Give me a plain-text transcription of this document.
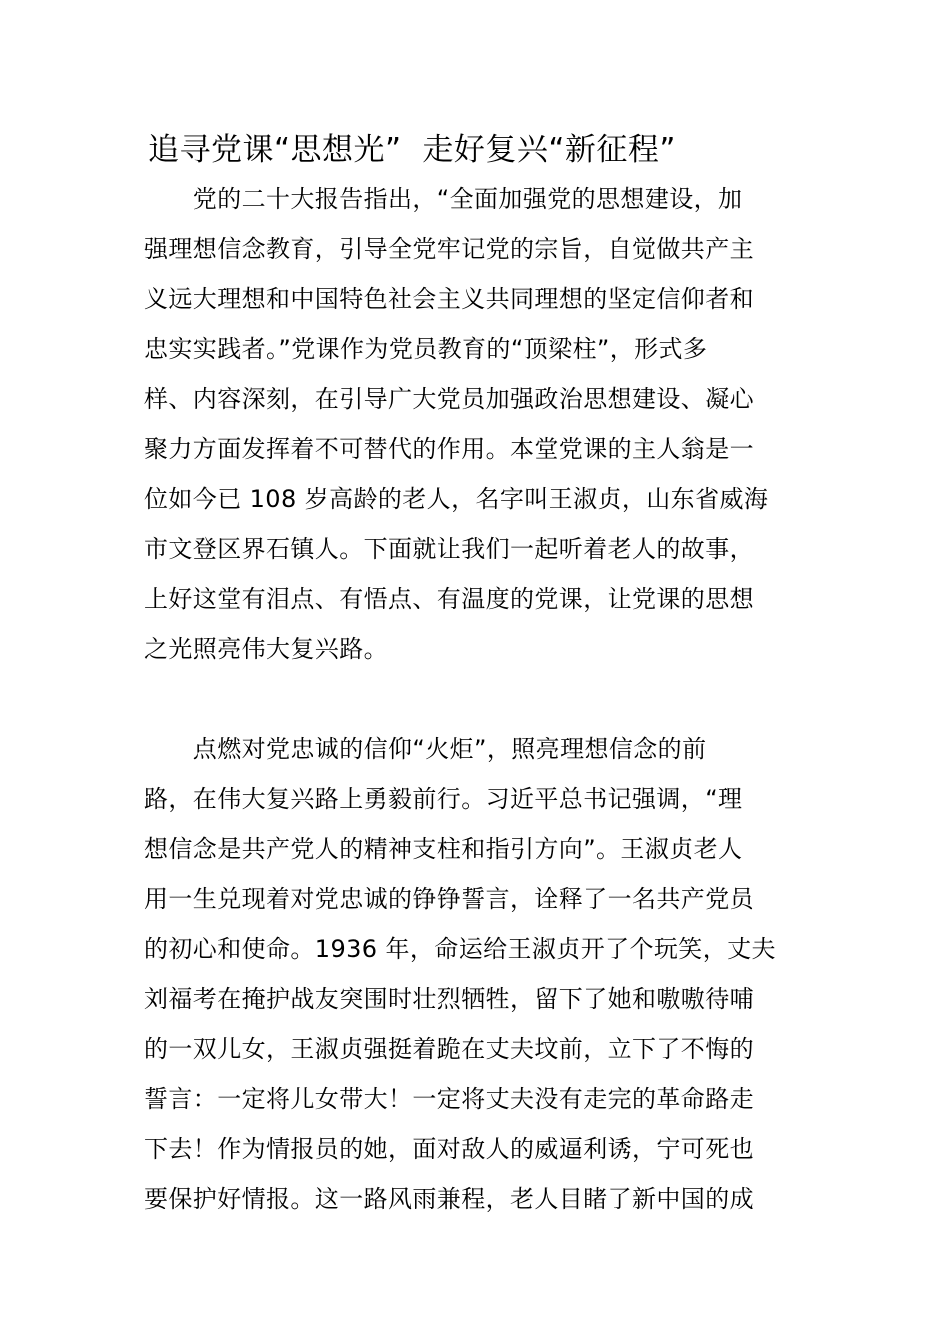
追寻党课“思想光”  走好复兴“新征程”
　　党的二十大报告指出，“全面加强党的思想建设，加
强理想信念教育，引导全党牢记党的宗旨，自觉做共产主
义远大理想和中国特色社会主义共同理想的坚定信仰者和
忠实实践者。”党课作为党员教育的“顶梁柱”，形式多
样、内容深刻，在引导广大党员加强政治思想建设、凝心
聚力方面发挥着不可替代的作用。本堂党课的主人翁是一
位如今已 108 岁高龄的老人，名字叫王淑贞，山东省威海
市文登区界石镇人。下面就让我们一起听着老人的故事，
上好这堂有泪点、有悟点、有温度的党课，让党课的思想
之光照亮伟大复兴路。
　　点燃对党忠诚的信仰“火炬”，照亮理想信念的前
路，在伟大复兴路上勇毅前行。习近平总书记强调，“理
想信念是共产党人的精神支柱和指引方向”。王淑贞老人
用一生兑现着对党忠诚的铮铮誓言，诠释了一名共产党员
的初心和使命。1936 年，命运给王淑贞开了个玩笑，丈夫
刘福考在掩护战友突围时壮烈牺牲，留下了她和嗷嗷待哺
的一双儿女，王淑贞强挺着跪在丈夫坟前，立下了不悔的
誓言：一定将儿女带大！一定将丈夫没有走完的革命路走
下去！作为情报员的她，面对敌人的威逼利诱，宁可死也
要保护好情报。这一路风雨兼程，老人目睹了新中国的成
